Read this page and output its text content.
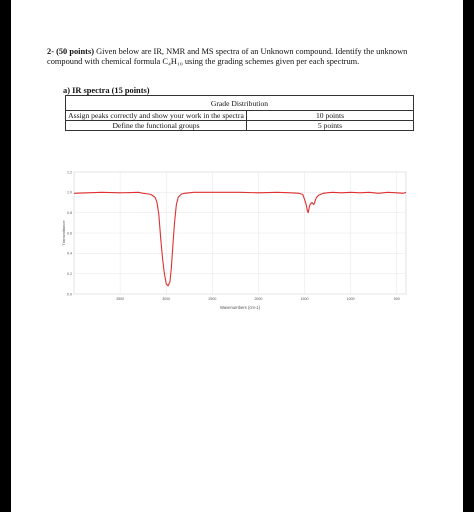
2- (50 points) Given below are IR, NMR and MS spectra of an Unknown compound. Identify the unknown compound with chemical formula C₄H₁₀ using the grading schemes given per each spectrum.
a) IR spectra (15 points)
Grade Distribution	
Assign peaks correctly and show your work in the spectra	10 points
Define the functional groups	5 points
0.0
0.2
0.4
0.6
0.8
1.0
1.2
3500	3000	2500	2000	1500	1000	500
Wavenumbers (cm-1)
Transmittance
